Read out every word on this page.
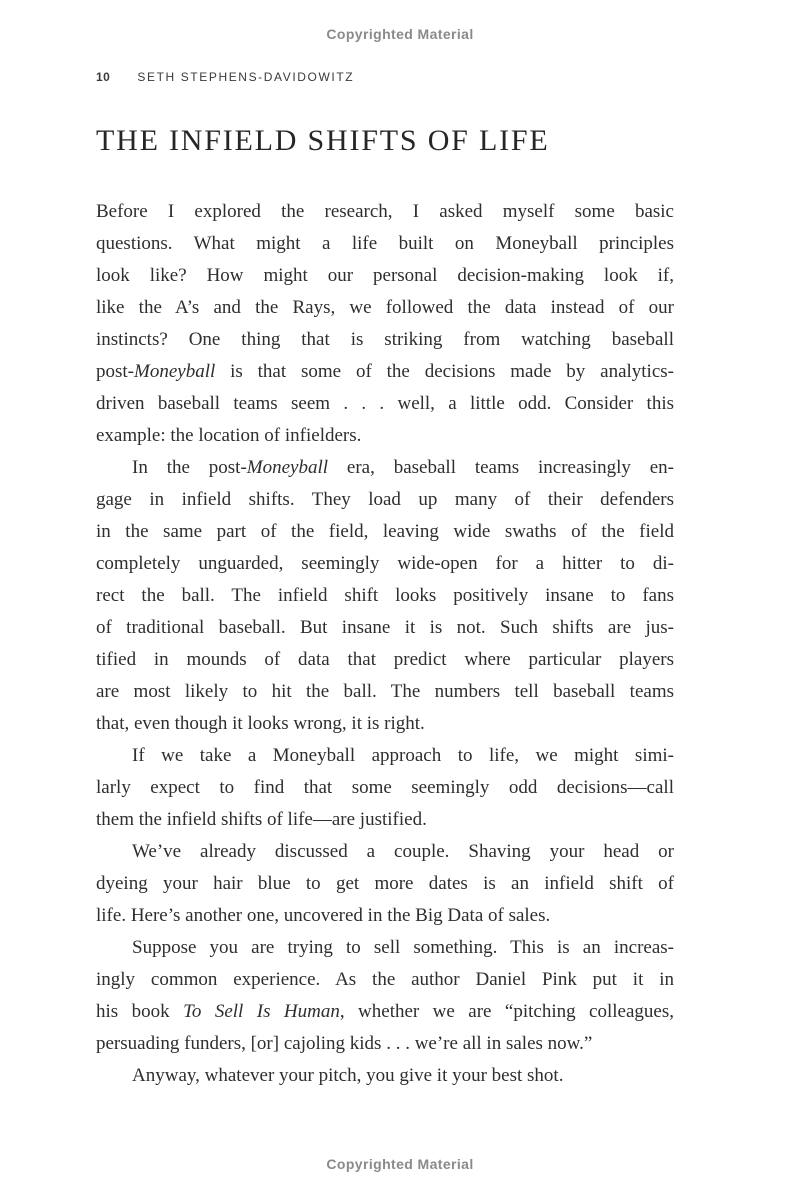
Copyrighted Material
10 SETH STEPHENS-DAVIDOWITZ
THE INFIELD SHIFTS OF LIFE
Before I explored the research, I asked myself some basic
questions. What might a life built on Moneyball principles
look like? How might our personal decision-making look if,
like the A’s and the Rays, we followed the data instead of our
instincts? One thing that is striking from watching baseball
post-Moneyball is that some of the decisions made by analytics-
driven baseball teams seem . . . well, a little odd. Consider this
example: the location of infielders.
In the post-Moneyball era, baseball teams increasingly en-
gage in infield shifts. They load up many of their defenders
in the same part of the field, leaving wide swaths of the field
completely unguarded, seemingly wide-open for a hitter to di-
rect the ball. The infield shift looks positively insane to fans
of traditional baseball. But insane it is not. Such shifts are jus-
tified in mounds of data that predict where particular players
are most likely to hit the ball. The numbers tell baseball teams
that, even though it looks wrong, it is right.
If we take a Moneyball approach to life, we might simi-
larly expect to find that some seemingly odd decisions—call
them the infield shifts of life—are justified.
We’ve already discussed a couple. Shaving your head or
dyeing your hair blue to get more dates is an infield shift of
life. Here’s another one, uncovered in the Big Data of sales.
Suppose you are trying to sell something. This is an increas-
ingly common experience. As the author Daniel Pink put it in
his book To Sell Is Human, whether we are “pitching colleagues,
persuading funders, [or] cajoling kids . . . we’re all in sales now.”
Anyway, whatever your pitch, you give it your best shot.
Copyrighted Material
